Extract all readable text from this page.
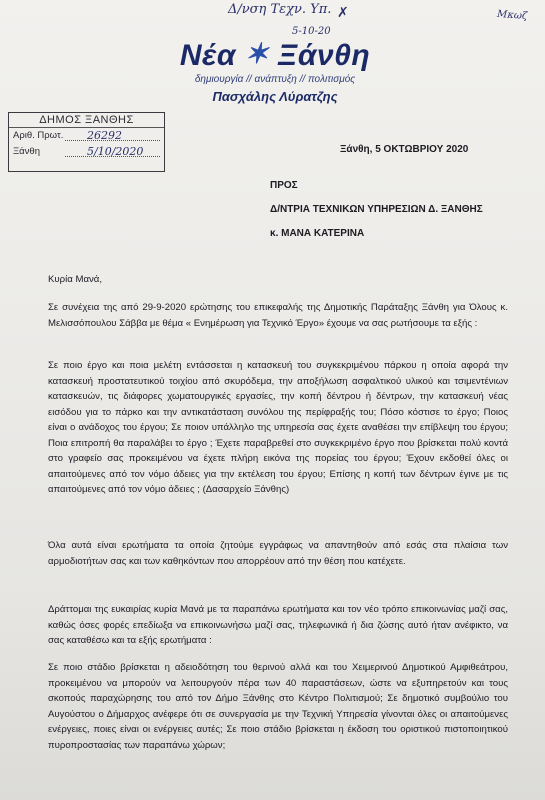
Δ/νση Τεχν. Υπ. ✗
5-10-20
Μκωζ
Νέα ✶ Ξάνθη
δημιουργία // ανάπτυξη // πολιτισμός
Πασχάλης Λύρατζης
ΔΗΜΟΣ ΞΑΝΘΗΣ
Αριθ. Πρωτ. 26292
Ξάνθη	5/10/2020	Ξάνθη, 5 ΟΚΤΩΒΡΙΟΥ 2020
ΠΡΟΣ
Δ/ΝΤΡΙΑ ΤΕΧΝΙΚΩΝ ΥΠΗΡΕΣΙΩΝ Δ. ΞΑΝΘΗΣ
κ. ΜΑΝΑ ΚΑΤΕΡΙΝΑ

Κυρία Μανά,

Σε συνέχεια της από 29-9-2020 ερώτησης του επικεφαλής της Δημοτικής Παράταξης Ξάνθη για Όλους κ. Μελισσόπουλου Σάββα με θέμα « Ενημέρωση για Τεχνικό Έργο» έχουμε να σας ρωτήσουμε τα εξής :

Σε ποιο έργο και ποια μελέτη εντάσσεται η κατασκευή του συγκεκριμένου πάρκου η οποία αφορά την κατασκευή προστατευτικού τοιχίου από σκυρόδεμα, την αποξήλωση ασφαλτικού υλικού και τσιμεντένιων κατασκευών, τις διάφορες χωματουργικές εργασίες, την κοπή δέντρου ή δέντρων, την κατασκευή νέας εισόδου για το πάρκο και την αντικατάσταση συνόλου της περίφραξής του; Πόσο κόστισε το έργο; Ποιος είναι ο ανάδοχος του έργου; Σε ποιον υπάλληλο της υπηρεσία σας έχετε αναθέσει την επίβλεψη του έργου; Ποια επιτροπή θα παραλάβει το έργο ; Έχετε παραβρεθεί στο συγκεκριμένο έργο που βρίσκεται πολύ κοντά στο γραφείο σας προκειμένου να έχετε πλήρη εικόνα της πορείας του έργου; Έχουν εκδοθεί όλες οι απαιτούμενες από τον νόμο άδειες για την εκτέλεση του έργου; Επίσης η κοπή των δέντρων έγινε με τις απαιτούμενες από τον νόμο άδειες ; (Δασαρχείο Ξάνθης)

Όλα αυτά είναι ερωτήματα τα οποία ζητούμε εγγράφως να απαντηθούν από εσάς στα πλαίσια των αρμοδιοτήτων σας και των καθηκόντων που απορρέουν από την θέση που κατέχετε.

Δράττομαι της ευκαιρίας κυρία Μανά με τα παραπάνω ερωτήματα και τον νέο τρόπο επικοινωνίας μαζί σας, καθώς όσες φορές επεδίωξα να επικοινωνήσω μαζί σας, τηλεφωνικά ή δια ζώσης αυτό ήταν ανέφικτο, να σας καταθέσω και τα εξής ερωτήματα :

Σε ποιο στάδιο βρίσκεται η αδειοδότηση του θερινού αλλά και του Χειμερινού Δημοτικού Αμφιθεάτρου, προκειμένου να μπορούν να λειτουργούν πέρα των 40 παραστάσεων, ώστε να εξυπηρετούν και τους σκοπούς παραχώρησης του από τον Δήμο Ξάνθης στο Κέντρο Πολιτισμού; Σε δημοτικό συμβούλιο του Αυγούστου ο Δήμαρχος ανέφερε ότι σε συνεργασία με την Τεχνική Υπηρεσία γίνονται όλες οι απαιτούμενες ενέργειες, ποιες είναι οι ενέργειες αυτές; Σε ποιο στάδιο βρίσκεται η έκδοση του οριστικού πιστοποιητικού πυροπροστασίας των παραπάνω χώρων;
